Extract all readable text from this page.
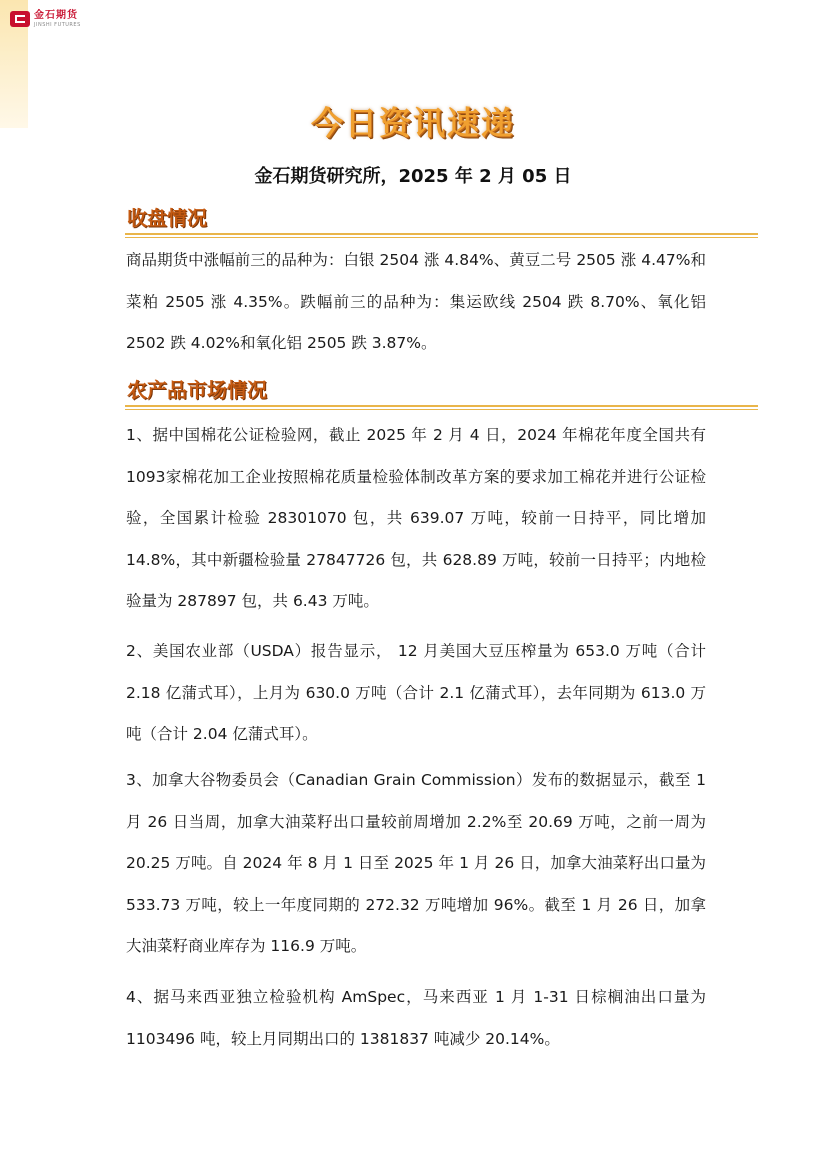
金石期货
JINSHI FUTURES
今日资讯速递
金石期货研究所，2025 年 2 月 05 日
收盘情况
商品期货中涨幅前三的品种为：白银 2504 涨 4.84%、黄豆二号 2505 涨 4.47%和菜粕 2505 涨 4.35%。跌幅前三的品种为：集运欧线 2504 跌 8.70%、氧化铝 2502 跌 4.02%和氧化铝 2505 跌 3.87%。
农产品市场情况
1、据中国棉花公证检验网，截止 2025 年 2 月 4 日，2024 年棉花年度全国共有1093家棉花加工企业按照棉花质量检验体制改革方案的要求加工棉花并进行公证检验，全国累计检验 28301070 包，共 639.07 万吨，较前一日持平，同比增加 14.8%，其中新疆检验量 27847726 包，共 628.89 万吨，较前一日持平；内地检验量为 287897 包，共 6.43 万吨。
2、美国农业部（USDA）报告显示， 12 月美国大豆压榨量为 653.0 万吨（合计 2.18 亿蒲式耳），上月为 630.0 万吨（合计 2.1 亿蒲式耳），去年同期为 613.0 万吨（合计 2.04 亿蒲式耳）。
3、加拿大谷物委员会（Canadian Grain Commission）发布的数据显示，截至 1 月 26 日当周，加拿大油菜籽出口量较前周增加 2.2%至 20.69 万吨，之前一周为 20.25 万吨。自 2024 年 8 月 1 日至 2025 年 1 月 26 日，加拿大油菜籽出口量为 533.73 万吨，较上一年度同期的 272.32 万吨增加 96%。截至 1 月 26 日，加拿大油菜籽商业库存为 116.9 万吨。
4、据马来西亚独立检验机构 AmSpec，马来西亚 1 月 1-31 日棕榈油出口量为 1103496 吨，较上月同期出口的 1381837 吨减少 20.14%。
